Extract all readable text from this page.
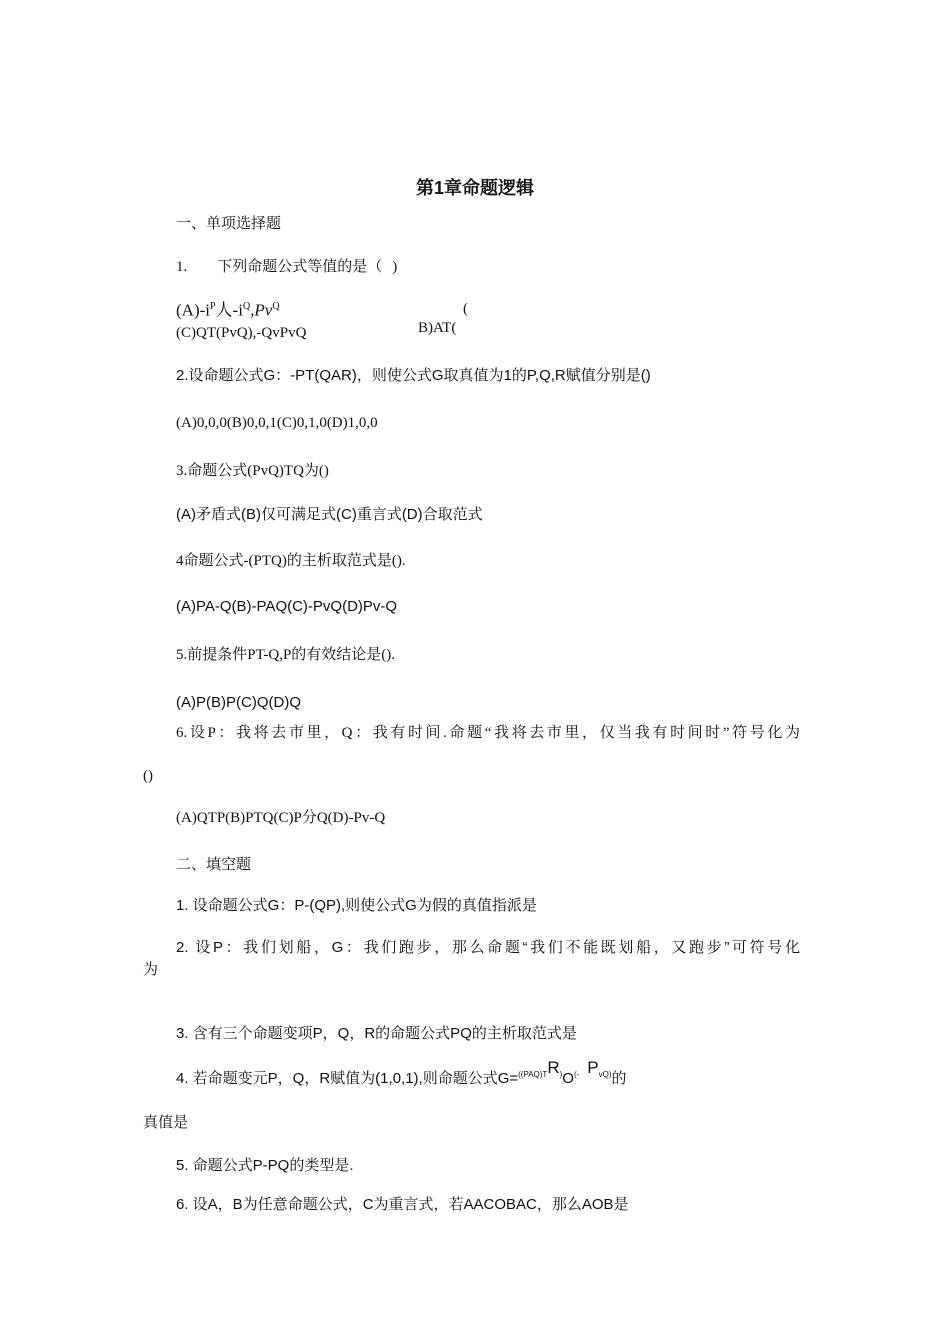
第1章命题逻辑
一、单项选择题
1. 下列命题公式等值的是（ )
$(A)-i^P$人$-i^Q,Pv^Q$	(
B)AT(
(C)QT(PvQ),-QvPvQ
2.设命题公式G：-PT(QAR)，则使公式G取真值为1的P,Q,R赋值分别是()
(A)0,0,0(B)0,0,1(C)0,1,0(D)1,0,0
3.命题公式(PvQ)TQ为()
(A)矛盾式(B)仅可满足式(C)重言式(D)合取范式
4命题公式-(PTQ)的主析取范式是().
(A)PA-Q(B)-PAQ(C)-PvQ(D)Pv-Q
5.前提条件PT-Q,P的有效结论是().
(A)P(B)P(C)Q(D)Q
6.设P：我将去市里，Q：我有时间.命题“我将去市里，仅当我有时间时”符号化为
()
(A)QTP(B)PTQ(C)P分Q(D)-Pv-Q
二、填空题
1. 设命题公式G：P-(QP),则使公式G为假的真值指派是
2. 设P：我们划船，G：我们跑步，那么命题“我们不能既划船，又跑步”可符号化
为
3. 含有三个命题变项P，Q，R的命题公式PQ的主析取范式是
4. 若命题变元P，Q，R赋值为(1,0,1),则命题公式G=$^{((PAQ)T}$R)O(- $P^{vQ)}$的
真值是
5. 命题公式P-PQ的类型是.
6. 设A，B为任意命题公式，C为重言式，若AACOBAC，那么AOB是
